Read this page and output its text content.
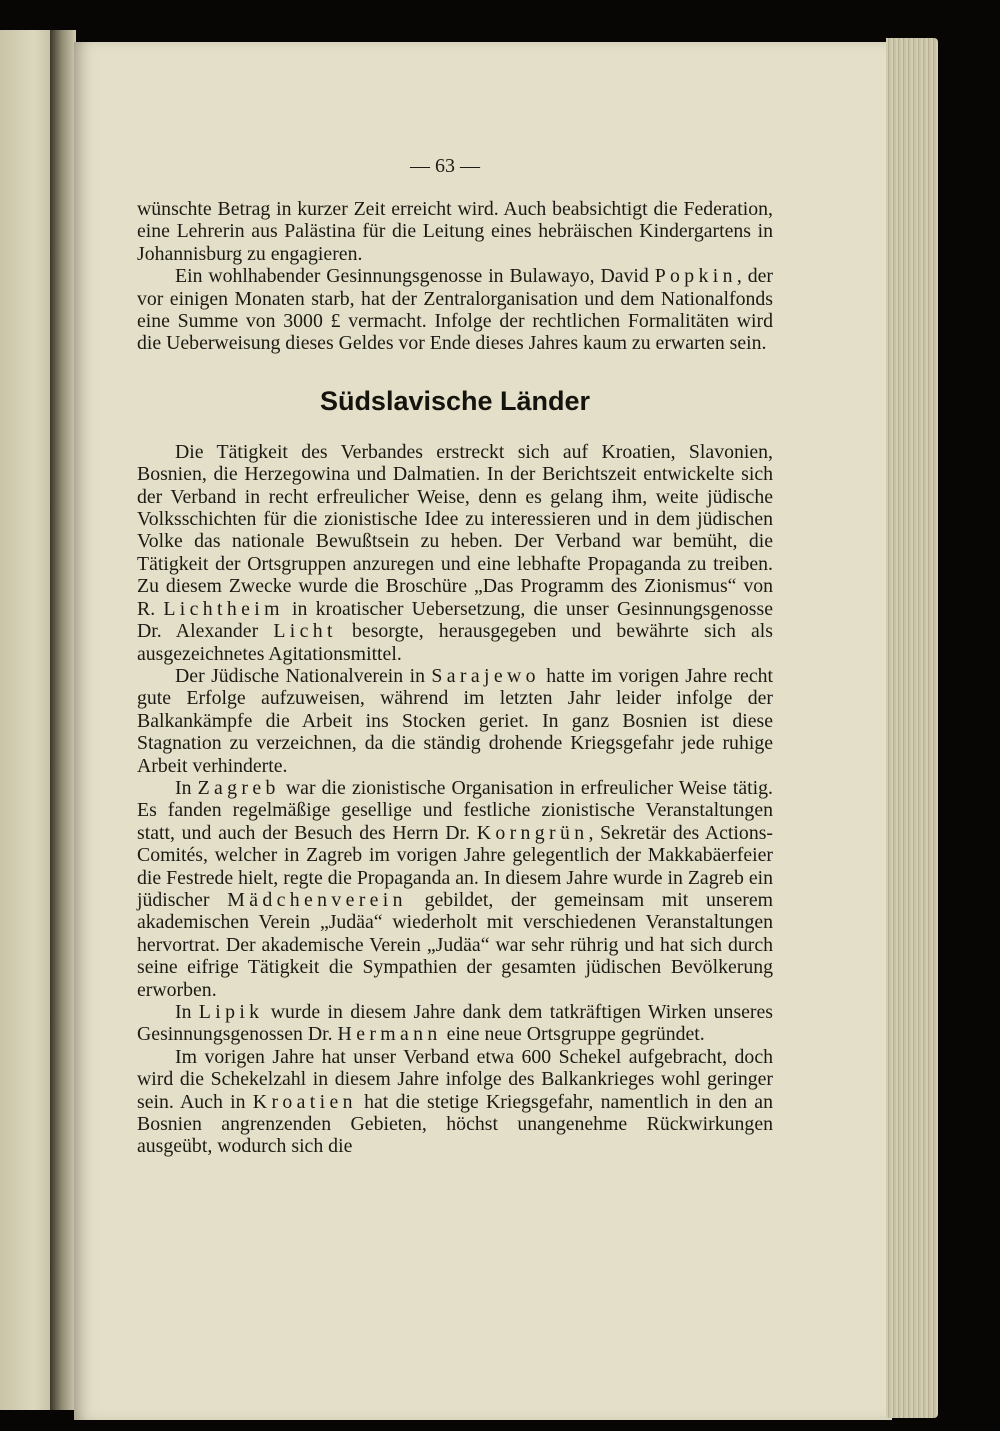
— 63 —

wünschte Betrag in kurzer Zeit erreicht wird. Auch beabsichtigt die Federation, eine Lehrerin aus Palästina für die Leitung eines hebräischen Kindergartens in Johannisburg zu engagieren.

Ein wohlhabender Gesinnungsgenosse in Bulawayo, David Popkin, der vor einigen Monaten starb, hat der Zentralorganisation und dem Nationalfonds eine Summe von 3000 £ vermacht. Infolge der rechtlichen Formalitäten wird die Ueberweisung dieses Geldes vor Ende dieses Jahres kaum zu erwarten sein.

Südslavische Länder

Die Tätigkeit des Verbandes erstreckt sich auf Kroatien, Slavonien, Bosnien, die Herzegowina und Dalmatien. In der Berichtszeit entwickelte sich der Verband in recht erfreulicher Weise, denn es gelang ihm, weite jüdische Volksschichten für die zionistische Idee zu interessieren und in dem jüdischen Volke das nationale Bewußtsein zu heben. Der Verband war bemüht, die Tätigkeit der Ortsgruppen anzuregen und eine lebhafte Propaganda zu treiben. Zu diesem Zwecke wurde die Broschüre „Das Programm des Zionismus“ von R. Lichtheim in kroatischer Uebersetzung, die unser Gesinnungsgenosse Dr. Alexander Licht besorgte, herausgegeben und bewährte sich als ausgezeichnetes Agitationsmittel.

Der Jüdische Nationalverein in Sarajewo hatte im vorigen Jahre recht gute Erfolge aufzuweisen, während im letzten Jahr leider infolge der Balkankämpfe die Arbeit ins Stocken geriet. In ganz Bosnien ist diese Stagnation zu verzeichnen, da die ständig drohende Kriegsgefahr jede ruhige Arbeit verhinderte.

In Zagreb war die zionistische Organisation in erfreulicher Weise tätig. Es fanden regelmäßige gesellige und festliche zionistische Veranstaltungen statt, und auch der Besuch des Herrn Dr. Korngrün, Sekretär des Actions-Comités, welcher in Zagreb im vorigen Jahre gelegentlich der Makkabäerfeier die Festrede hielt, regte die Propaganda an. In diesem Jahre wurde in Zagreb ein jüdischer Mädchenverein gebildet, der gemeinsam mit unserem akademischen Verein „Judäa“ wiederholt mit verschiedenen Veranstaltungen hervortrat. Der akademische Verein „Judäa“ war sehr rührig und hat sich durch seine eifrige Tätigkeit die Sympathien der gesamten jüdischen Bevölkerung erworben.

In Lipik wurde in diesem Jahre dank dem tatkräftigen Wirken unseres Gesinnungsgenossen Dr. Hermann eine neue Ortsgruppe gegründet.

Im vorigen Jahre hat unser Verband etwa 600 Schekel aufgebracht, doch wird die Schekelzahl in diesem Jahre infolge des Balkankrieges wohl geringer sein. Auch in Kroatien hat die stetige Kriegsgefahr, namentlich in den an Bosnien angrenzenden Gebieten, höchst unangenehme Rückwirkungen ausgeübt, wodurch sich die
